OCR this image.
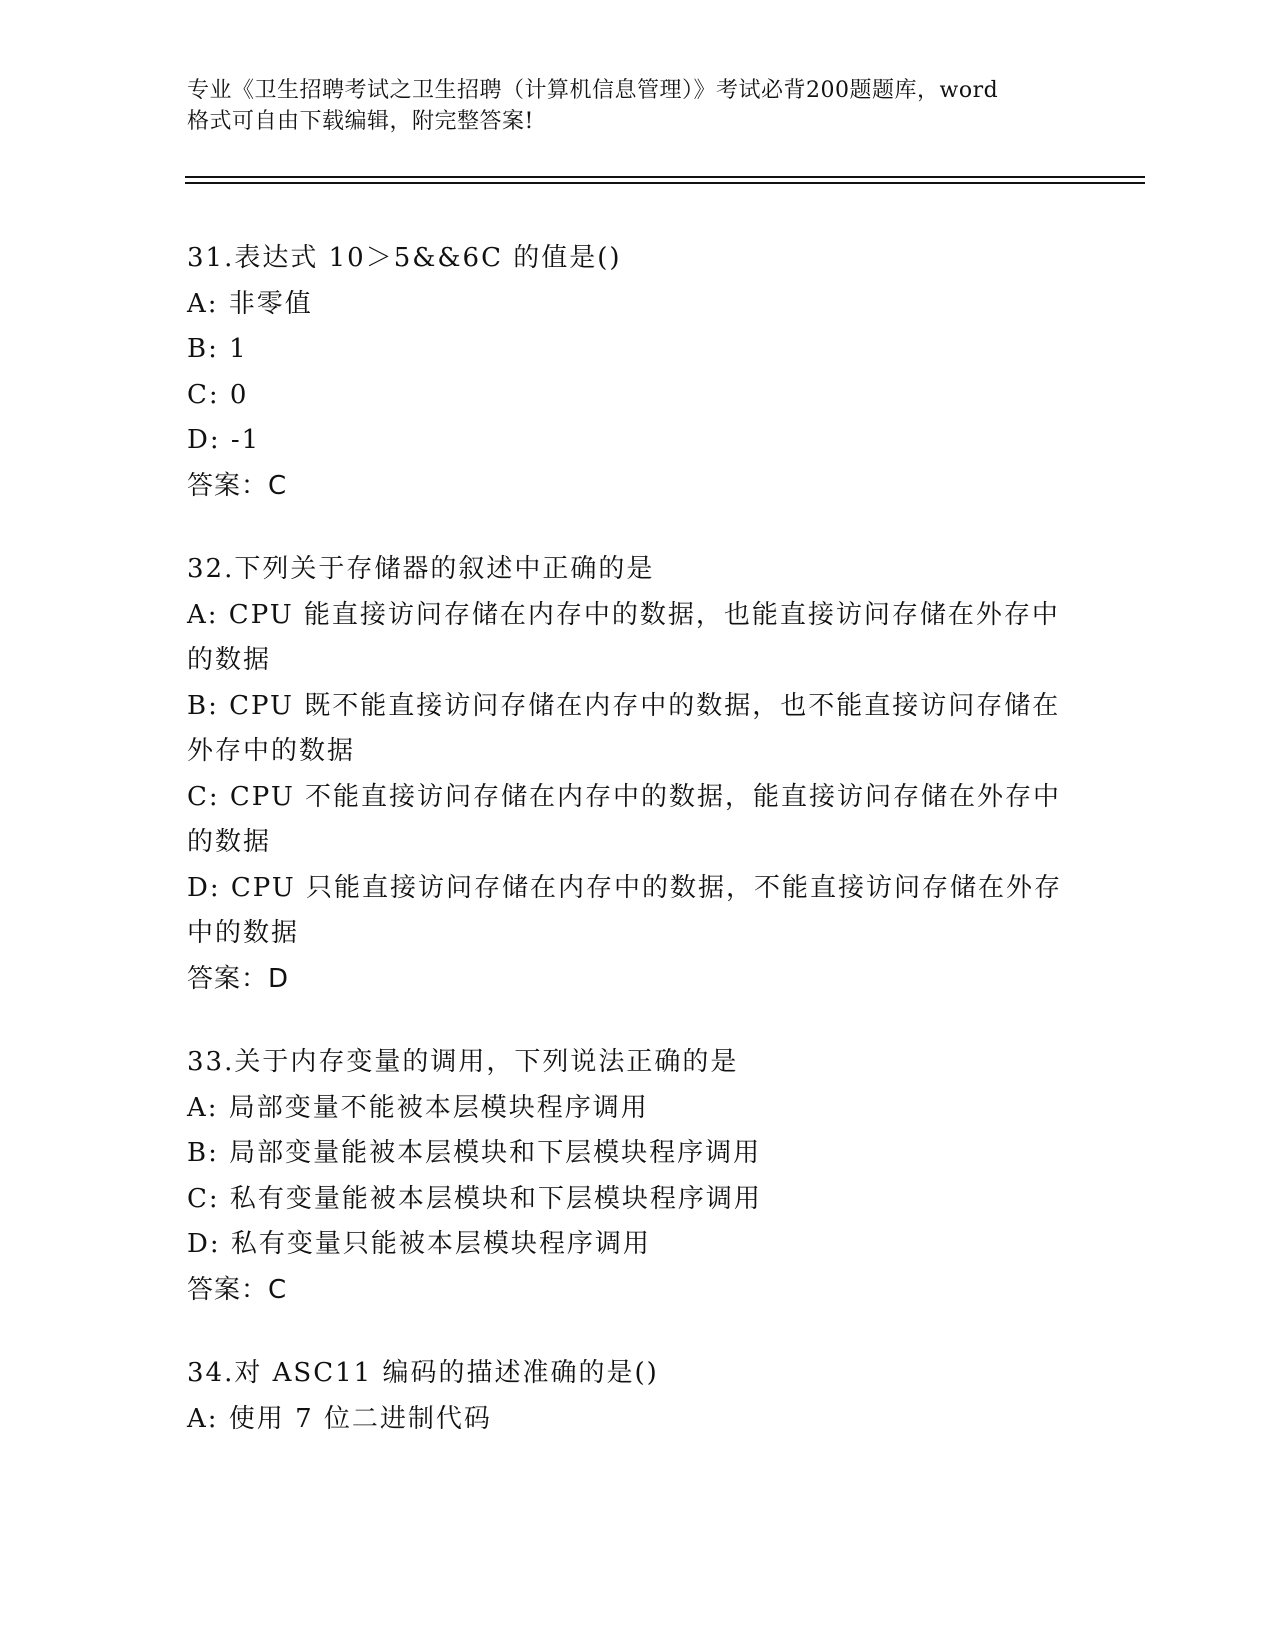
专业《卫生招聘考试之卫生招聘（计算机信息管理）》考试必背200题题库，word
格式可自由下载编辑，附完整答案!
31.表达式 10＞5&&6C 的值是()
A: 非零值
B: 1
C: 0
D: -1
答案：C
32.下列关于存储器的叙述中正确的是
A: CPU 能直接访问存储在内存中的数据，也能直接访问存储在外存中
的数据
B: CPU 既不能直接访问存储在内存中的数据，也不能直接访问存储在
外存中的数据
C: CPU 不能直接访问存储在内存中的数据，能直接访问存储在外存中
的数据
D: CPU 只能直接访问存储在内存中的数据，不能直接访问存储在外存
中的数据
答案：D
33.关于内存变量的调用，下列说法正确的是
A: 局部变量不能被本层模块程序调用
B: 局部变量能被本层模块和下层模块程序调用
C: 私有变量能被本层模块和下层模块程序调用
D: 私有变量只能被本层模块程序调用
答案：C
34.对 ASC11 编码的描述准确的是()
A: 使用 7 位二进制代码
